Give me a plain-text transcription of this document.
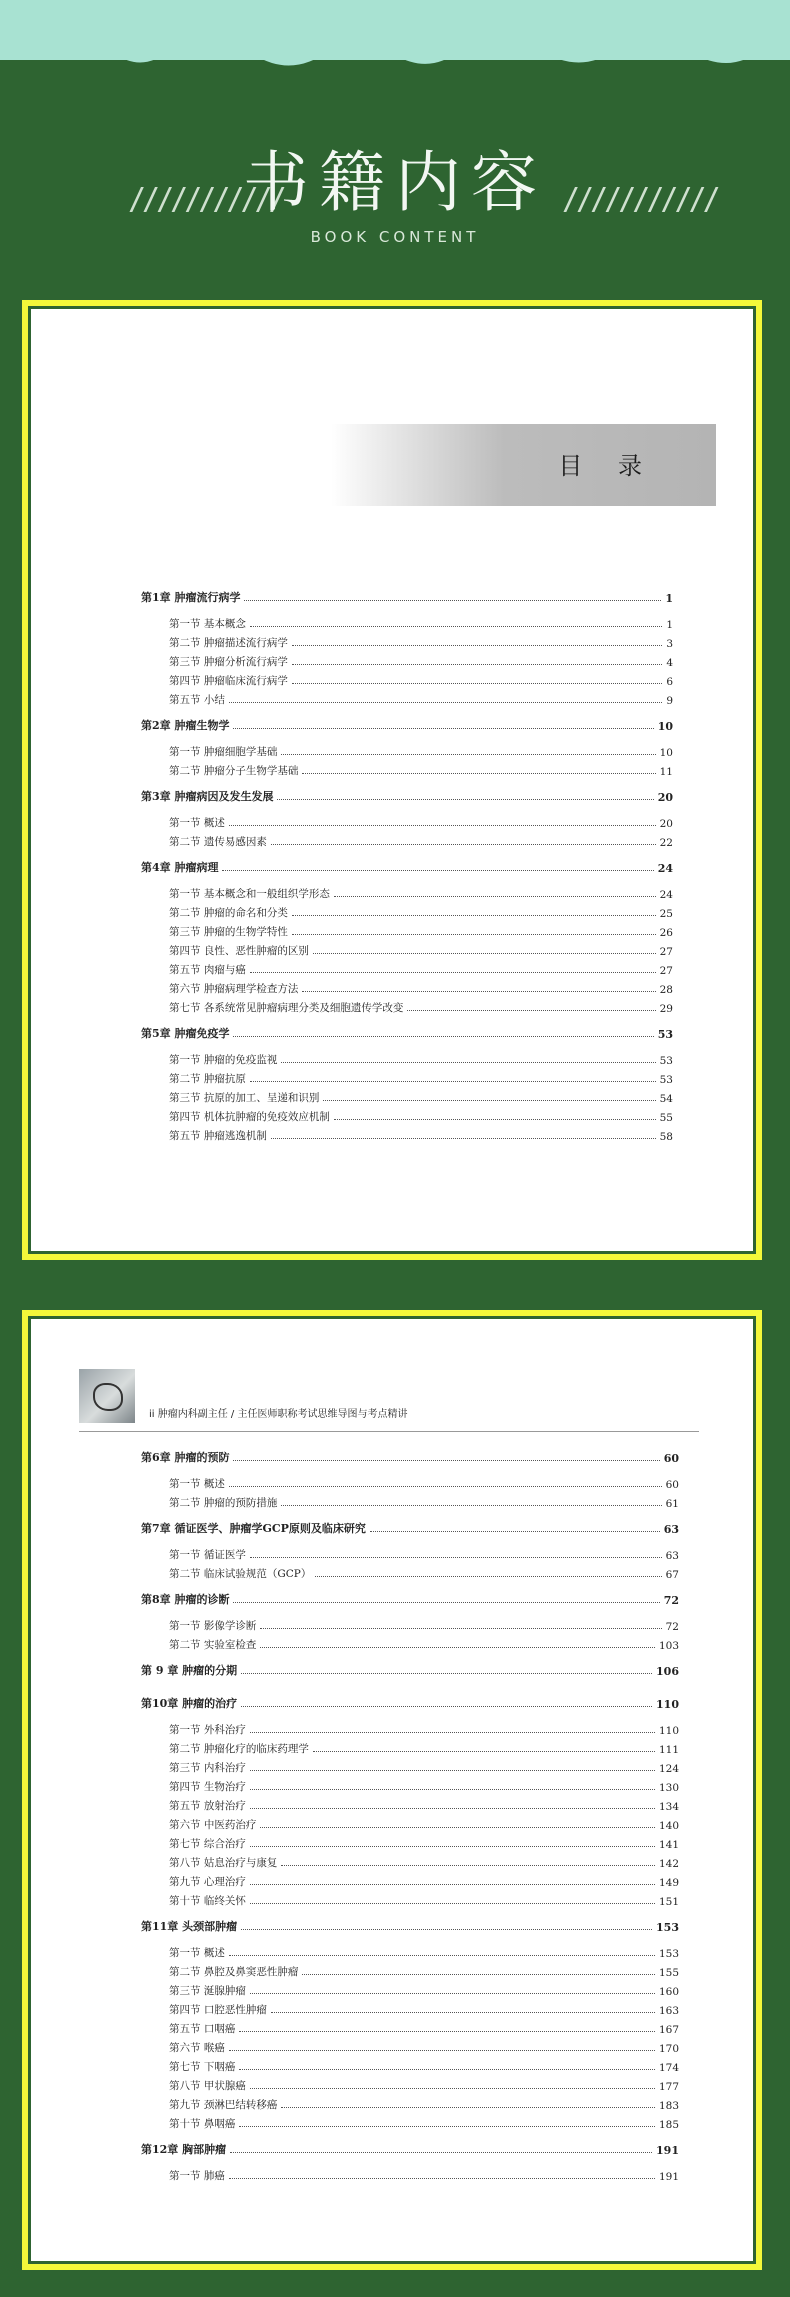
///////////	///////////
书籍内容
BOOK CONTENT
目 录
第1章 肿瘤流行病学	1
第一节 基本概念	1
第二节 肿瘤描述流行病学	3
第三节 肿瘤分析流行病学	4
第四节 肿瘤临床流行病学	6
第五节 小结	9
第2章 肿瘤生物学	10
第一节 肿瘤细胞学基础	10
第二节 肿瘤分子生物学基础	11
第3章 肿瘤病因及发生发展	20
第一节 概述	20
第二节 遗传易感因素	22
第4章 肿瘤病理	24
第一节 基本概念和一般组织学形态	24
第二节 肿瘤的命名和分类	25
第三节 肿瘤的生物学特性	26
第四节 良性、恶性肿瘤的区别	27
第五节 肉瘤与癌	27
第六节 肿瘤病理学检查方法	28
第七节 各系统常见肿瘤病理分类及细胞遗传学改变	29
第5章 肿瘤免疫学	53
第一节 肿瘤的免疫监视	53
第二节 肿瘤抗原	53
第三节 抗原的加工、呈递和识别	54
第四节 机体抗肿瘤的免疫效应机制	55
第五节 肿瘤逃逸机制	58
ii 肿瘤内科副主任 / 主任医师职称考试思维导图与考点精讲
第6章 肿瘤的预防	60
第一节 概述	60
第二节 肿瘤的预防措施	61
第7章 循证医学、肿瘤学GCP原则及临床研究	63
第一节 循证医学	63
第二节 临床试验规范（GCP）	67
第8章 肿瘤的诊断	72
第一节 影像学诊断	72
第二节 实验室检查	103
第 9 章 肿瘤的分期	106
第10章 肿瘤的治疗	110
第一节 外科治疗	110
第二节 肿瘤化疗的临床药理学	111
第三节 内科治疗	124
第四节 生物治疗	130
第五节 放射治疗	134
第六节 中医药治疗	140
第七节 综合治疗	141
第八节 姑息治疗与康复	142
第九节 心理治疗	149
第十节 临终关怀	151
第11章 头颈部肿瘤	153
第一节 概述	153
第二节 鼻腔及鼻窦恶性肿瘤	155
第三节 涎腺肿瘤	160
第四节 口腔恶性肿瘤	163
第五节 口咽癌	167
第六节 喉癌	170
第七节 下咽癌	174
第八节 甲状腺癌	177
第九节 颈淋巴结转移癌	183
第十节 鼻咽癌	185
第12章 胸部肿瘤	191
第一节 肺癌	191
